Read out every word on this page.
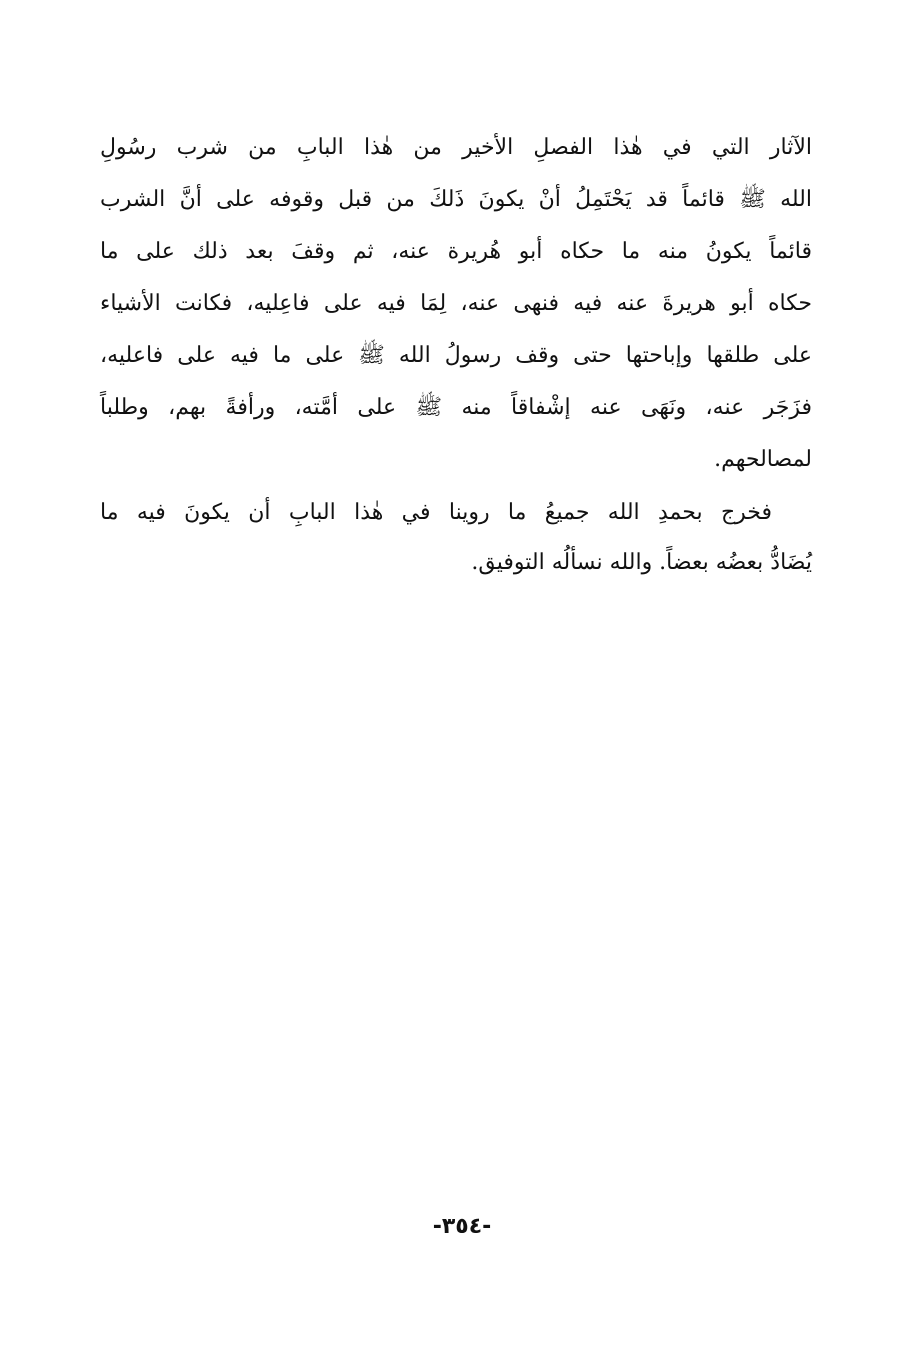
الآثار التي في هٰذا الفصلِ الأخير من هٰذا البابِ من شرب رسُولِ
الله ﷺ قائماً قد يَحْتَمِلُ أنْ يكونَ ذَلكَ من قبل وقوفه على أنَّ الشرب
قائماً يكونُ منه ما حكاه أبو هُريرة عنه، ثم وقفَ بعد ذلك على ما
حكاه أبو هريرةَ عنه فيه فنهى عنه، لِمَا فيه على فاعِليه، فكانت الأشياء
على طلقها وإباحتها حتى وقف رسولُ الله ﷺ على ما فيه على فاعليه،
فزَجَر عنه، ونَهَى عنه إشْفاقاً منه ﷺ على أمَّته، ورأفةً بهم، وطلباً
لمصالحهم.
فخرج بحمدِ الله جميعُ ما روينا في هٰذا البابِ أن يكونَ فيه ما
يُضَادُّ بعضُه بعضاً. والله نسألُه التوفيق.
-٣٥٤-
